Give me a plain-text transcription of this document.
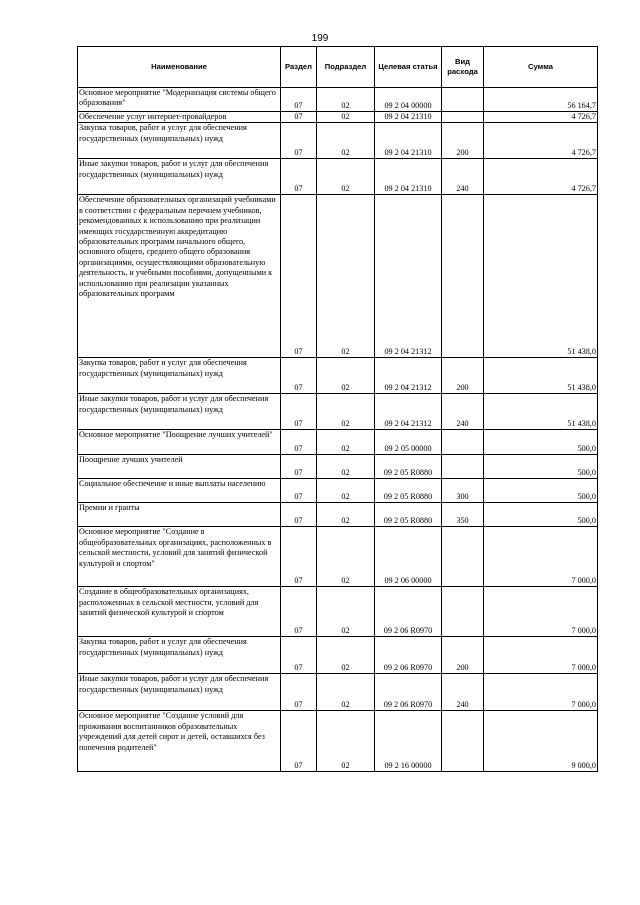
199
Наименование	Раздел	Подраздел	Целевая статья	Вид расхода	Сумма
Основное мероприятие "Модернизация системы общего образования"	07	02	09 2 04 00000		56 164,7
Обеспечение услуг интернет-провайдеров	07	02	09 2 04 21310		4 726,7
Закупка товаров, работ и услуг для обеспечения государственных (муниципальных) нужд	07	02	09 2 04 21310	200	4 726,7
Иные закупки товаров, работ и услуг для обеспечения государственных (муниципальных) нужд	07	02	09 2 04 21310	240	4 726,7
Обеспечение образовательных организаций учебниками в соответствии с федеральным перечнем учебников, рекомендованных к использованию при реализации имеющих государственную аккредитацию образовательных программ начального общего, основного общего, среднего общего образования организациями, осуществляющими образовательную деятельность, и учебными пособиями, допущенными к использованию при реализации указанных образовательных программ	07	02	09 2 04 21312		51 438,0
Закупка товаров, работ и услуг для обеспечения государственных (муниципальных) нужд	07	02	09 2 04 21312	200	51 438,0
Иные закупки товаров, работ и услуг для обеспечения государственных (муниципальных) нужд	07	02	09 2 04 21312	240	51 438,0
Основное мероприятие "Поощрение лучших учителей"	07	02	09 2 05 00000		500,0
Поощрение лучших учителей	07	02	09 2 05 R0880		500,0
Социальное обеспечение и иные выплаты населению	07	02	09 2 05 R0880	300	500,0
Премии и гранты	07	02	09 2 05 R0880	350	500,0
Основное мероприятие "Создание в общеобразовательных организациях, расположенных в сельской местности, условий для занятий физической культурой и спортом"	07	02	09 2 06 00000		7 000,0
Создание в общеобразовательных организациях, расположенных в сельской местности, условий для занятий физической культурой и спортом	07	02	09 2 06 R0970		7 000,0
Закупка товаров, работ и услуг для обеспечения государственных (муниципальных) нужд	07	02	09 2 06 R0970	200	7 000,0
Иные закупки товаров, работ и услуг для обеспечения государственных (муниципальных) нужд	07	02	09 2 06 R0970	240	7 000,0
Основное мероприятие "Создание условий для проживания воспитанников образовательных учреждений для детей сирот и детей, оставшихся без попечения родителей"	07	02	09 2 16 00000		9 000,0
